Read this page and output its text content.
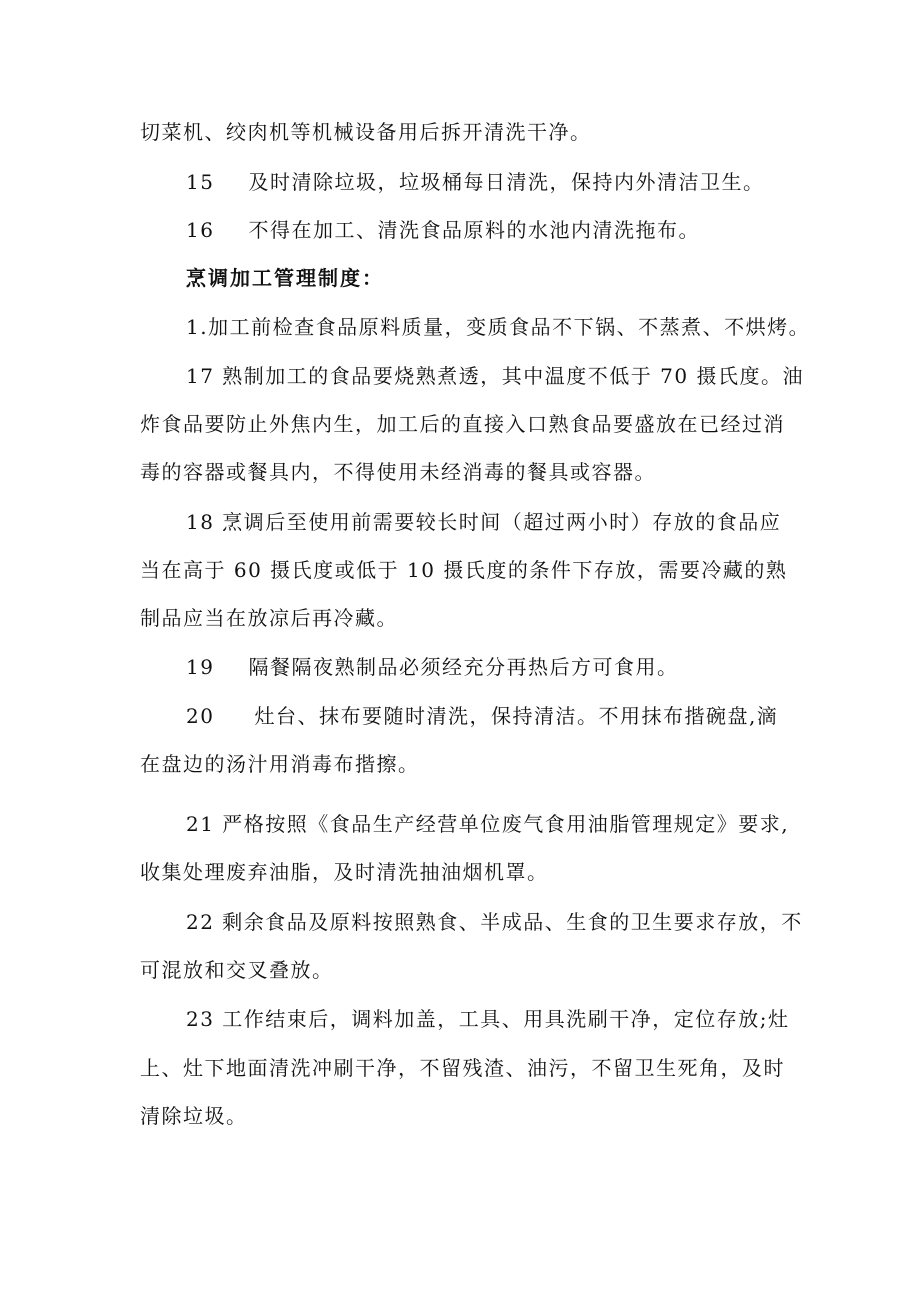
切菜机、绞肉机等机械设备用后拆开清洗干净。
15 及时清除垃圾，垃圾桶每日清洗，保持内外清洁卫生。
16 不得在加工、清洗食品原料的水池内清洗拖布。
烹调加工管理制度：
1.加工前检查食品原料质量，变质食品不下锅、不蒸煮、不烘烤。
17 熟制加工的食品要烧熟煮透，其中温度不低于 70 摄氏度。油
炸食品要防止外焦内生，加工后的直接入口熟食品要盛放在已经过消
毒的容器或餐具内，不得使用未经消毒的餐具或容器。
18 烹调后至使用前需要较长时间（超过两小时）存放的食品应
当在高于 60 摄氏度或低于 10 摄氏度的条件下存放，需要冷藏的熟
制品应当在放凉后再冷藏。
19 隔餐隔夜熟制品必须经充分再热后方可食用。
20 灶台、抹布要随时清洗，保持清洁。不用抹布揩碗盘,滴
在盘边的汤汁用消毒布揩擦。
21 严格按照《食品生产经营单位废气食用油脂管理规定》要求,
收集处理废弃油脂，及时清洗抽油烟机罩。
22 剩余食品及原料按照熟食、半成品、生食的卫生要求存放，不
可混放和交叉叠放。
23 工作结束后，调料加盖，工具、用具洗刷干净，定位存放;灶
上、灶下地面清洗冲刷干净，不留残渣、油污，不留卫生死角，及时
清除垃圾。
